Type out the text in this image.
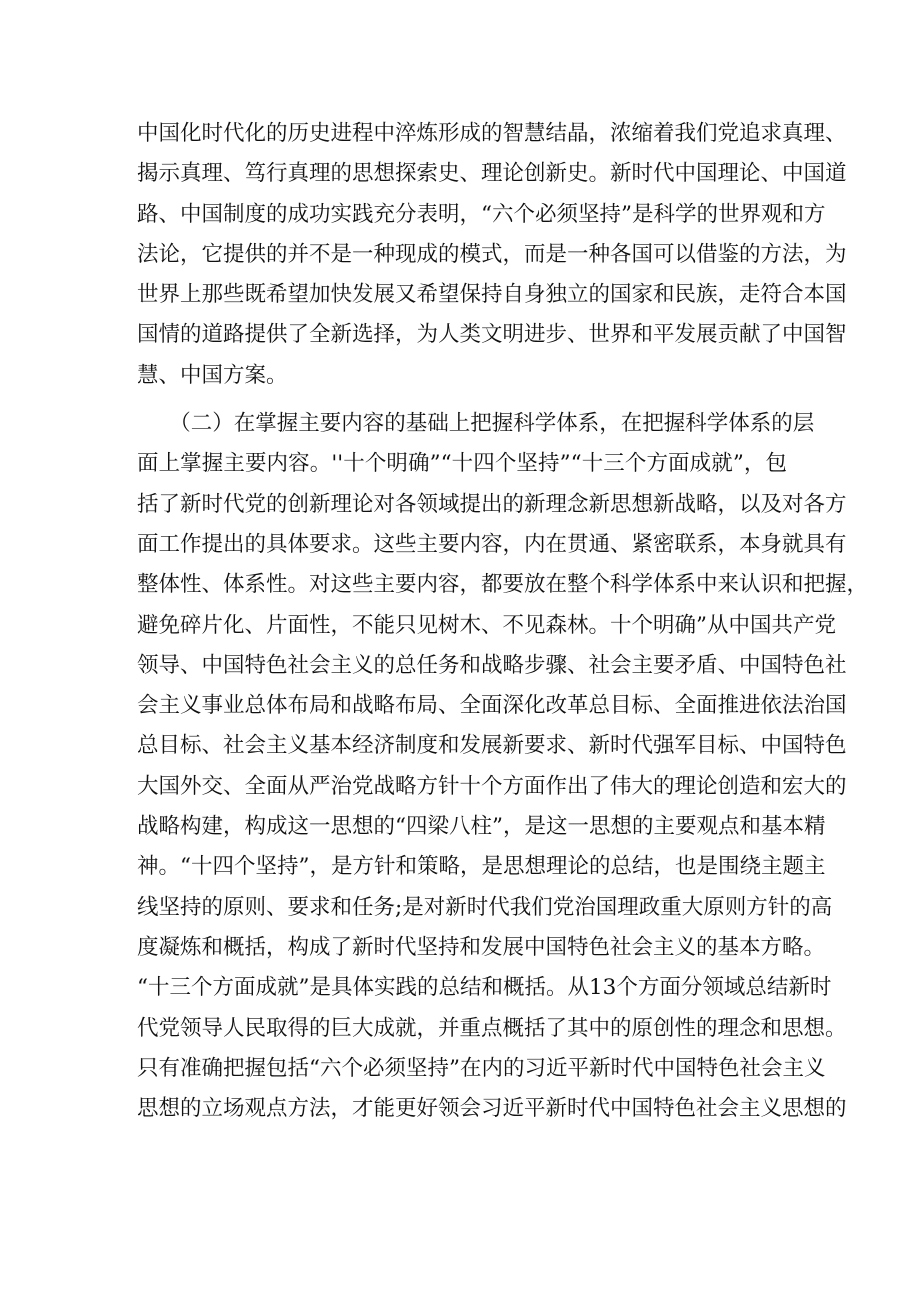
中国化时代化的历史进程中淬炼形成的智慧结晶，浓缩着我们党追求真理、
揭示真理、笃行真理的思想探索史、理论创新史。新时代中国理论、中国道
路、中国制度的成功实践充分表明，“六个必须坚持”是科学的世界观和方
法论，它提供的并不是一种现成的模式，而是一种各国可以借鉴的方法，为
世界上那些既希望加快发展又希望保持自身独立的国家和民族，走符合本国
国情的道路提供了全新选择，为人类文明进步、世界和平发展贡献了中国智
慧、中国方案。
　　（二）在掌握主要内容的基础上把握科学体系，在把握科学体系的层
面上掌握主要内容。''十个明确”“十四个坚持”“十三个方面成就”，包
括了新时代党的创新理论对各领域提出的新理念新思想新战略，以及对各方
面工作提出的具体要求。这些主要内容，内在贯通、紧密联系，本身就具有
整体性、体系性。对这些主要内容，都要放在整个科学体系中来认识和把握，
避免碎片化、片面性，不能只见树木、不见森林。十个明确”从中国共产党
领导、中国特色社会主义的总任务和战略步骤、社会主要矛盾、中国特色社
会主义事业总体布局和战略布局、全面深化改革总目标、全面推进依法治国
总目标、社会主义基本经济制度和发展新要求、新时代强军目标、中国特色
大国外交、全面从严治党战略方针十个方面作出了伟大的理论创造和宏大的
战略构建，构成这一思想的“四梁八柱”，是这一思想的主要观点和基本精
神。“十四个坚持”，是方针和策略，是思想理论的总结，也是围绕主题主
线坚持的原则、要求和任务;是对新时代我们党治国理政重大原则方针的高
度凝炼和概括，构成了新时代坚持和发展中国特色社会主义的基本方略。
“十三个方面成就”是具体实践的总结和概括。从13个方面分领域总结新时
代党领导人民取得的巨大成就，并重点概括了其中的原创性的理念和思想。
只有准确把握包括“六个必须坚持”在内的习近平新时代中国特色社会主义
思想的立场观点方法，才能更好领会习近平新时代中国特色社会主义思想的
